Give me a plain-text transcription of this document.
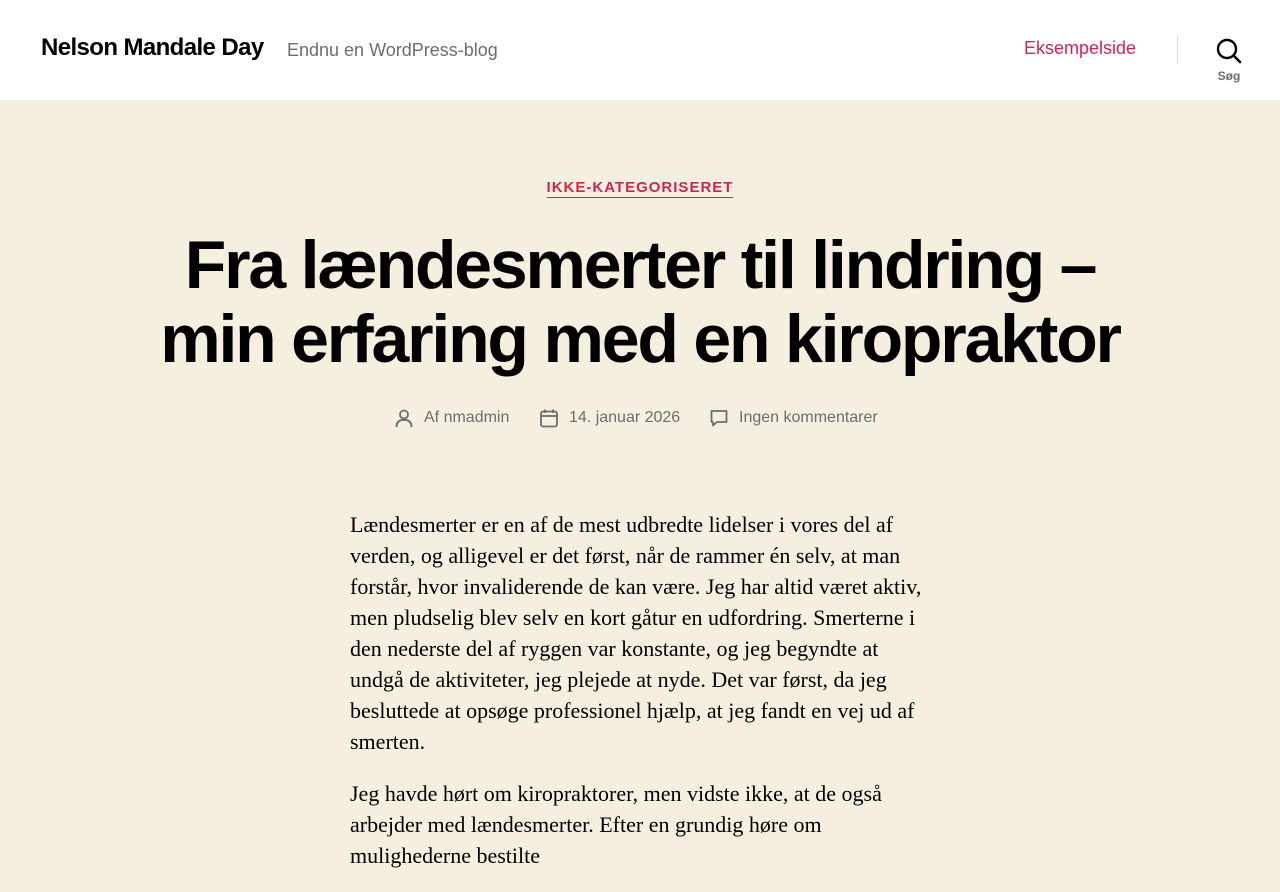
Nelson Mandale Day Endnu en WordPress-blog	Eksempelside
Søg
IKKE-KATEGORISERET
Fra lændesmerter til lindring – min erfaring med en kiropraktor
Af nmadmin	14. januar 2026	Ingen kommentarer

Lændesmerter er en af de mest udbredte lidelser i vores del af verden, og alligevel er det først, når de rammer én selv, at man forstår, hvor invaliderende de kan være. Jeg har altid været aktiv, men pludselig blev selv en kort gåtur en udfordring. Smerterne i den nederste del af ryggen var konstante, og jeg begyndte at undgå de aktiviteter, jeg plejede at nyde. Det var først, da jeg besluttede at opsøge professionel hjælp, at jeg fandt en vej ud af smerten.

Jeg havde hørt om kiropraktorer, men vidste ikke, at de også arbejder med lændesmerter. Efter en grundig høre om mulighederne bestilte
